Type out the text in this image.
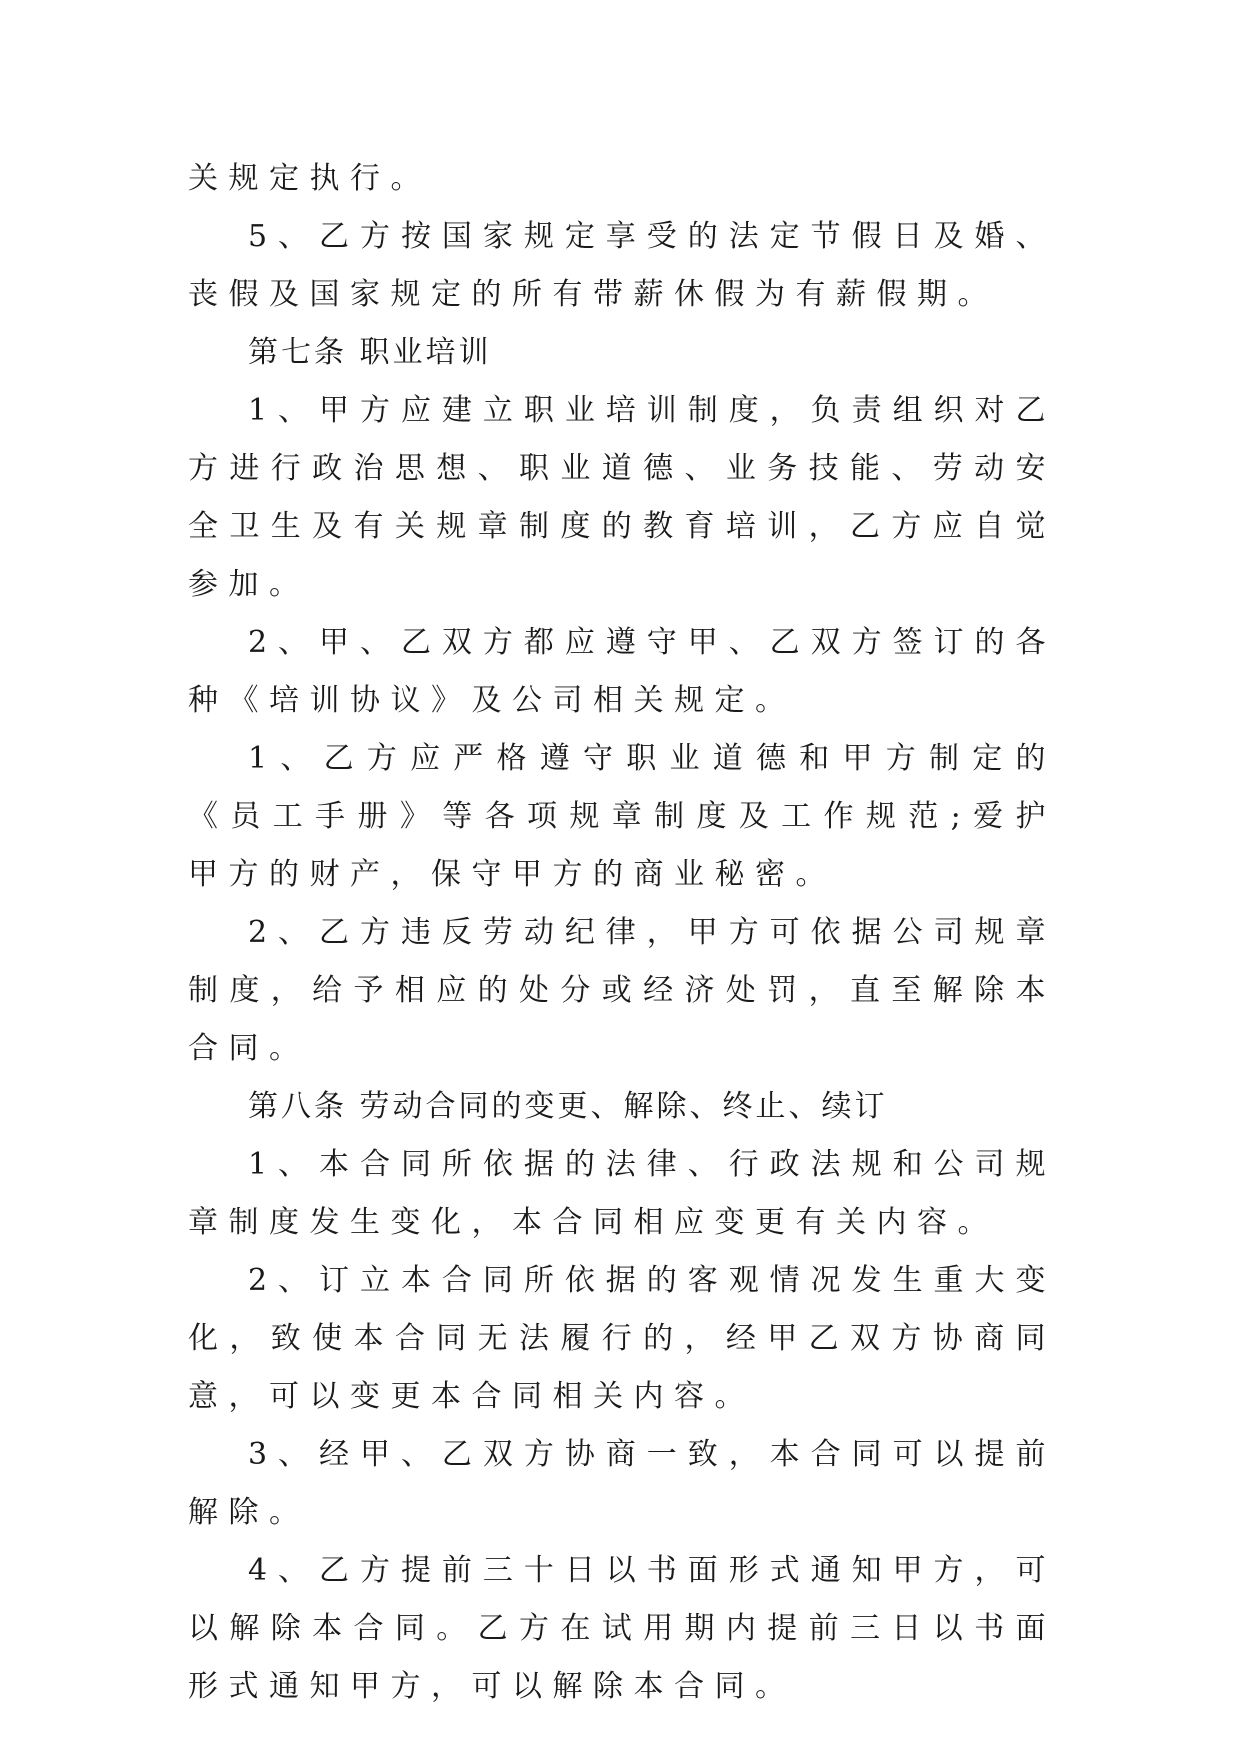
关规定执行。

5、乙方按国家规定享受的法定节假日及婚、丧假及国家规定的所有带薪休假为有薪假期。

第七条 职业培训

1、甲方应建立职业培训制度，负责组织对乙方进行政治思想、职业道德、业务技能、劳动安全卫生及有关规章制度的教育培训，乙方应自觉参加。

2、甲、乙双方都应遵守甲、乙双方签订的各种《培训协议》及公司相关规定。

1、乙方应严格遵守职业道德和甲方制定的《员工手册》等各项规章制度及工作规范;爱护甲方的财产，保守甲方的商业秘密。

2、乙方违反劳动纪律，甲方可依据公司规章制度，给予相应的处分或经济处罚，直至解除本合同。

第八条 劳动合同的变更、解除、终止、续订

1、本合同所依据的法律、行政法规和公司规章制度发生变化，本合同相应变更有关内容。

2、订立本合同所依据的客观情况发生重大变化，致使本合同无法履行的，经甲乙双方协商同意，可以变更本合同相关内容。

3、经甲、乙双方协商一致，本合同可以提前解除。

4、乙方提前三十日以书面形式通知甲方，可以解除本合同。乙方在试用期内提前三日以书面形式通知甲方，可以解除本合同。
